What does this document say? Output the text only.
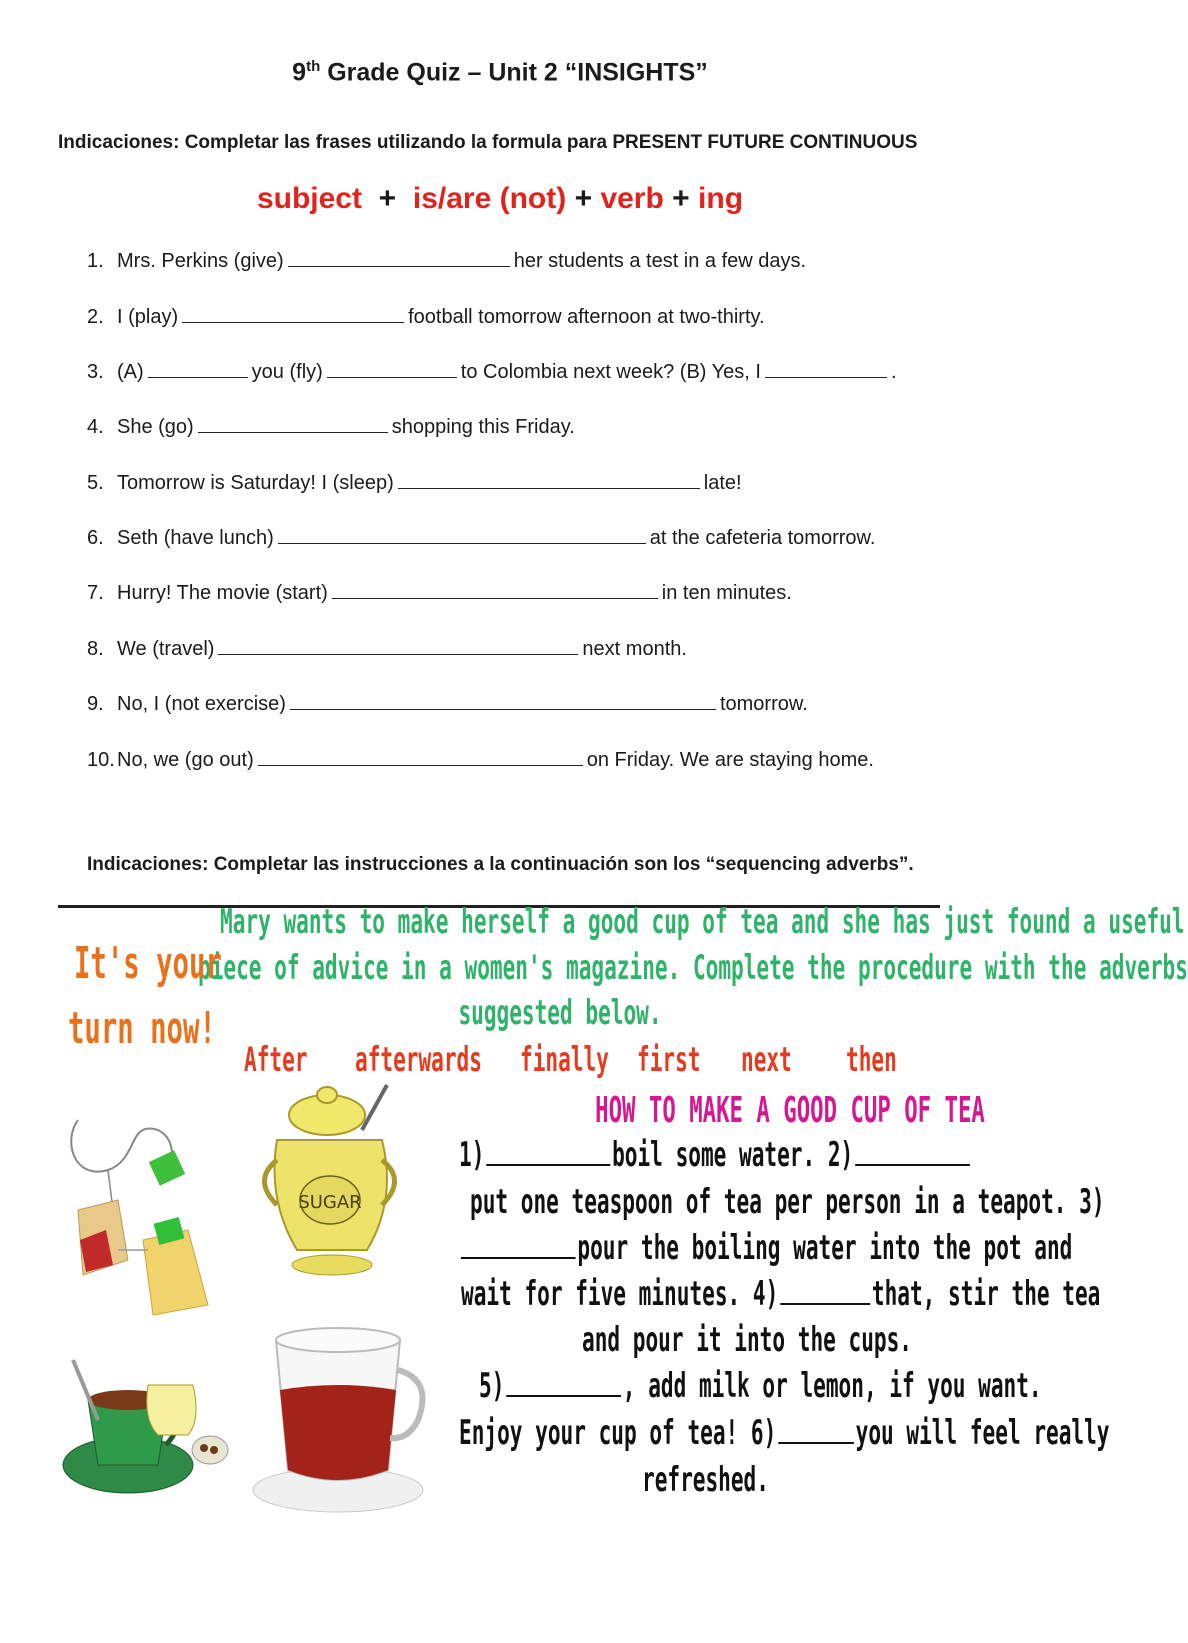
9th Grade Quiz – Unit 2 “INSIGHTS”
Indicaciones: Completar las frases utilizando la formula para PRESENT FUTURE CONTINUOUS
subject + is/are (not) + verb + ing
1. Mrs. Perkins (give)	her students a test in a few days.
2. I (play)	football tomorrow afternoon at two-thirty.
3. (A)	you (fly)	to Colombia next week? (B) Yes, I	.
4. She (go)	shopping this Friday.
5. Tomorrow is Saturday! I (sleep)	late!
6. Seth (have lunch)	at the cafeteria tomorrow.
7. Hurry! The movie (start)	in ten minutes.
8. We (travel)	next month.
9. No, I (not exercise)	tomorrow.
10. No, we (go out)	on Friday. We are staying home.
Indicaciones: Completar las instrucciones a la continuación son los “sequencing adverbs”.
Mary wants to make herself a good cup of tea and she has just found a useful
piece of advice in a women's magazine. Complete the procedure with the adverbs
suggested below.
It's your
turn now!
After afterwards finally first next then
HOW TO MAKE A GOOD CUP OF TEA
1)	boil some water. 2)
put one teaspoon of tea per person in a teapot. 3)
pour the boiling water into the pot and
wait for five minutes. 4)	that, stir the tea
and pour it into the cups.
5)	, add milk or lemon, if you want.
Enjoy your cup of tea! 6) you will feel really
refreshed.
SUGAR
